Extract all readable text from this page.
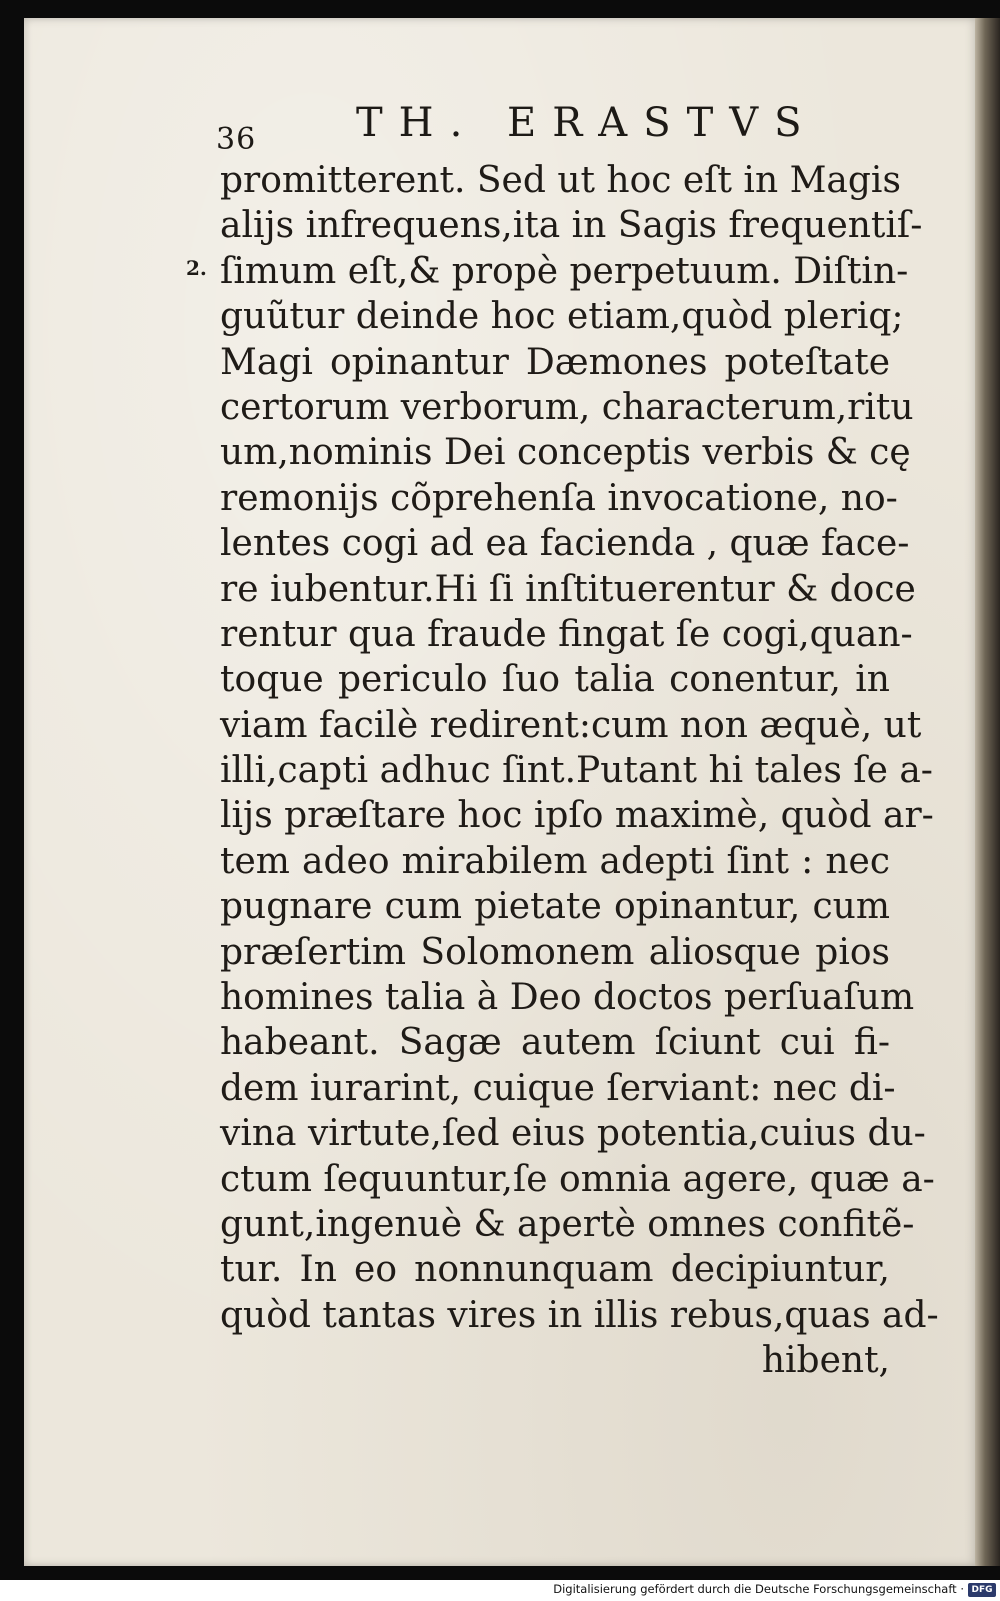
36 TH. ERASTVS
2.
promitterent. Sed ut hoc eſt in Magis
alijs infrequens,ita in Sagis frequentiſ-
ſimum eſt,& propè perpetuum. Diſtin-
guũtur deinde hoc etiam,quòd pleriq;
Magi opinantur Dæmones poteſtate
certorum verborum, characterum,ritu
um,nominis Dei conceptis verbis & cę
remonijs cõprehenſa invocatione, no-
lentes cogi ad ea facienda , quæ face-
re iubentur.Hi ſi inſtituerentur & doce
rentur qua fraude fingat ſe cogi,quan-
toque periculo ſuo talia conentur, in
viam facilè redirent:cum non æquè, ut
illi,capti adhuc ſint.Putant hi tales ſe a-
lijs præſtare hoc ipſo maximè, quòd ar-
tem adeo mirabilem adepti ſint : nec
pugnare cum pietate opinantur, cum
præſertim Solomonem aliosque pios
homines talia à Deo doctos perſuaſum
habeant. Sagæ autem ſciunt cui fi-
dem iurarint, cuique ſerviant: nec di-
vina virtute,ſed eius potentia,cuius du-
ctum ſequuntur,ſe omnia agere, quæ a-
gunt,ingenuè & apertè omnes confitẽ-
tur. In eo nonnunquam decipiuntur,
quòd tantas vires in illis rebus,quas ad-
hibent,
Digitalisierung gefördert durch die Deutsche Forschungsgemeinschaft · DFG
